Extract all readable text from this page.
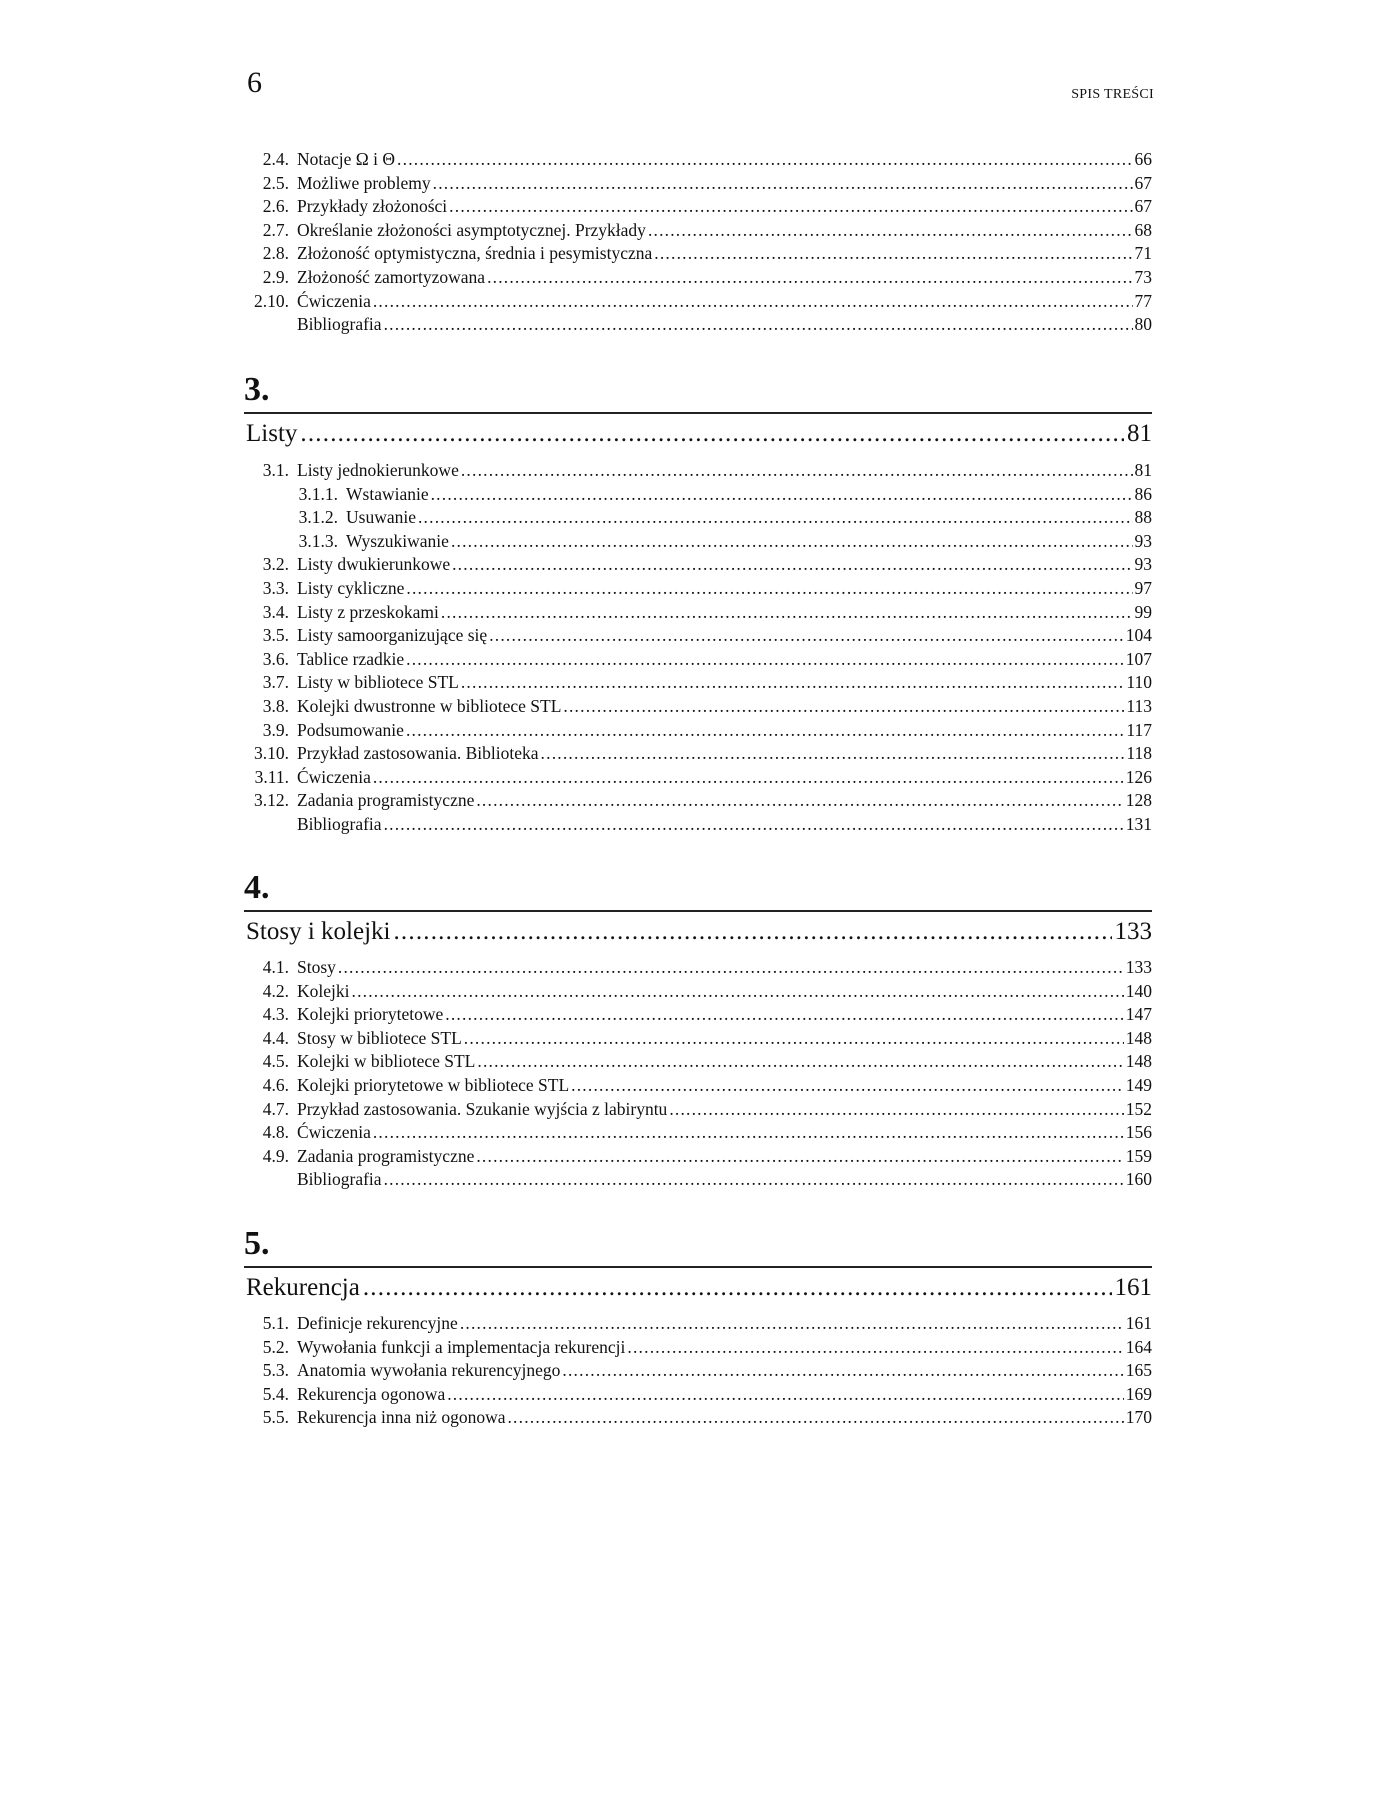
6	SPIS TREŚCI
2.4. Notacje Ω i Θ .....	66
2.5. Możliwe problemy .....	67
2.6. Przykłady złożoności .....	67
2.7. Określanie złożoności asymptotycznej. Przykłady .....	68
2.8. Złożoność optymistyczna, średnia i pesymistyczna .....	71
2.9. Złożoność zamortyzowana .....	73
2.10. Ćwiczenia .....	77
Bibliografia .....	80
3.
Listy .....	81
3.1. Listy jednokierunkowe .....	81
3.1.1. Wstawianie .....	86
3.1.2. Usuwanie .....	88
3.1.3. Wyszukiwanie .....	93
3.2. Listy dwukierunkowe .....	93
3.3. Listy cykliczne .....	97
3.4. Listy z przeskokami .....	99
3.5. Listy samoorganizujące się .....	104
3.6. Tablice rzadkie .....	107
3.7. Listy w bibliotece STL .....	110
3.8. Kolejki dwustronne w bibliotece STL .....	113
3.9. Podsumowanie .....	117
3.10. Przykład zastosowania. Biblioteka .....	118
3.11. Ćwiczenia .....	126
3.12. Zadania programistyczne .....	128
Bibliografia .....	131
4.
Stosy i kolejki .....	133
4.1. Stosy .....	133
4.2. Kolejki .....	140
4.3. Kolejki priorytetowe .....	147
4.4. Stosy w bibliotece STL .....	148
4.5. Kolejki w bibliotece STL .....	148
4.6. Kolejki priorytetowe w bibliotece STL .....	149
4.7. Przykład zastosowania. Szukanie wyjścia z labiryntu .....	152
4.8. Ćwiczenia .....	156
4.9. Zadania programistyczne .....	159
Bibliografia .....	160
5.
Rekurencja .....	161
5.1. Definicje rekurencyjne .....	161
5.2. Wywołania funkcji a implementacja rekurencji .....	164
5.3. Anatomia wywołania rekurencyjnego .....	165
5.4. Rekurencja ogonowa .....	169
5.5. Rekurencja inna niż ogonowa .....	170
